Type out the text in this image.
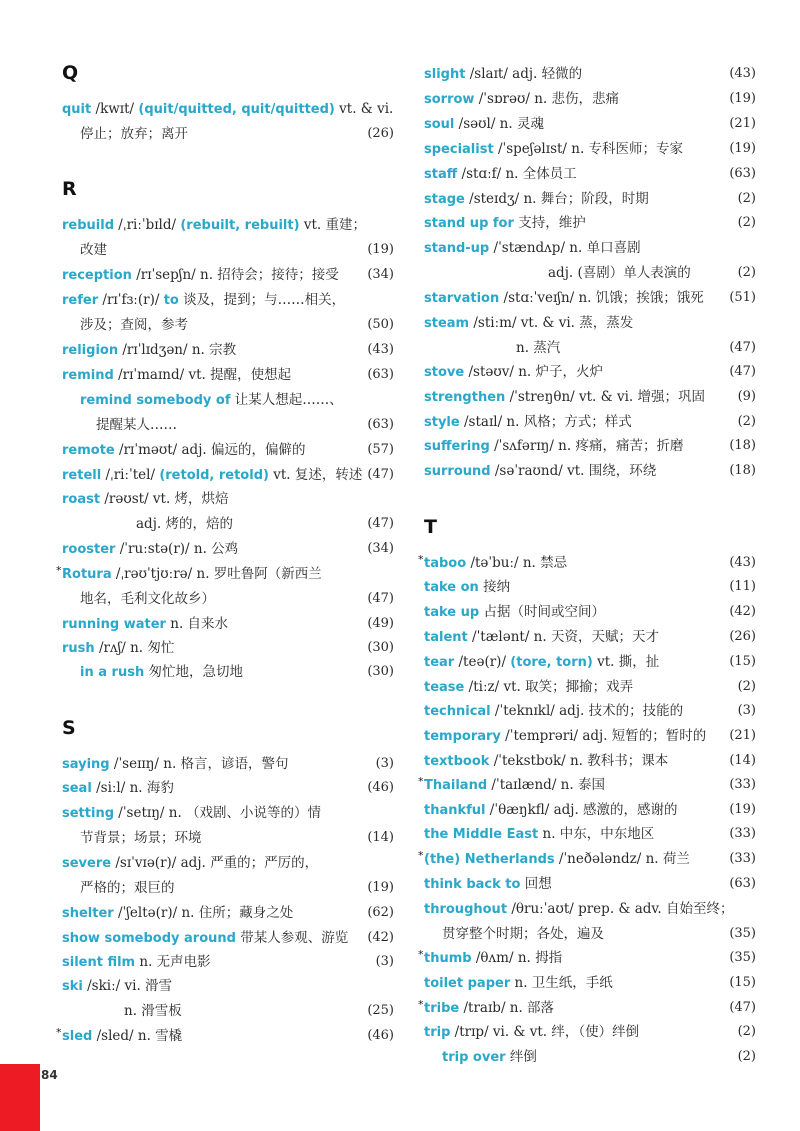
Q
quit /kwɪt/ (quit/quitted, quit/quitted) vt. & vi.
停止；放弃；离开	(26)
R
rebuild /ˌriːˈbɪld/ (rebuilt, rebuilt) vt. 重建；
改建	(19)
reception /rɪˈsepʃn/ n. 招待会；接待；接受 (34)
refer /rɪˈfɜː(r)/ to 谈及，提到；与……相关，
涉及；查阅，参考	(50)
religion /rɪˈlɪdʒən/ n. 宗教	(43)
remind /rɪˈmaɪnd/ vt. 提醒，使想起	(63)
remind somebody of 让某人想起……、
提醒某人……	(63)
remote /rɪˈməʊt/ adj. 偏远的，偏僻的	(57)
retell /ˌriːˈtel/ (retold, retold) vt. 复述，转述 (47)
roast /rəʊst/ vt. 烤，烘焙
adj. 烤的，焙的	(47)
rooster /ˈruːstə(r)/ n. 公鸡	(34)
* Rotura /ˌrəʊˈtjʊːrə/ n. 罗吐鲁阿（新西兰
地名，毛利文化故乡）	(47)
running water n. 自来水	(49)
rush /rʌʃ/ n. 匆忙	(30)
in a rush 匆忙地，急切地	(30)
S
saying /ˈseɪɪŋ/ n. 格言，谚语，警句	(3)
seal /siːl/ n. 海豹	(46)
setting /ˈsetɪŋ/ n. （戏剧、小说等的）情
节背景；场景；环境	(14)
severe /sɪˈvɪə(r)/ adj. 严重的；严厉的，
严格的；艰巨的	(19)
shelter /ˈʃeltə(r)/ n. 住所；藏身之处	(62)
show somebody around 带某人参观、游览 (42)
silent film n. 无声电影	(3)
ski /skiː/ vi. 滑雪
n. 滑雪板	(25)
* sled /sled/ n. 雪橇	(46)
slight /slaɪt/ adj. 轻微的	(43)
sorrow /ˈsɒrəʊ/ n. 悲伤，悲痛	(19)
soul /səʊl/ n. 灵魂	(21)
specialist /ˈspeʃəlɪst/ n. 专科医师；专家	(19)
staff /stɑːf/ n. 全体员工	(63)
stage /steɪdʒ/ n. 舞台；阶段，时期	(2)
stand up for 支持，维护	(2)
stand-up /ˈstændʌp/ n. 单口喜剧
adj. (喜剧）单人表演的	(2)
starvation /stɑːˈveɪʃn/ n. 饥饿；挨饿；饿死 (51)
steam /stiːm/ vt. & vi. 蒸，蒸发
n. 蒸汽	(47)
stove /stəʊv/ n. 炉子，火炉	(47)
strengthen /ˈstreŋθn/ vt. & vi. 增强；巩固	(9)
style /staɪl/ n. 风格；方式；样式	(2)
suffering /ˈsʌfərɪŋ/ n. 疼痛，痛苦；折磨	(18)
surround /səˈraʊnd/ vt. 围绕，环绕	(18)
T
* taboo /təˈbuː/ n. 禁忌	(43)
take on 接纳	(11)
take up 占据（时间或空间）	(42)
talent /ˈtælənt/ n. 天资，天赋；天才	(26)
tear /teə(r)/ (tore, torn) vt. 撕，扯	(15)
tease /tiːz/ vt. 取笑；揶揄；戏弄	(2)
technical /ˈteknɪkl/ adj. 技术的；技能的	(3)
temporary /ˈtemprəri/ adj. 短暂的；暂时的 (21)
textbook /ˈtekstbʊk/ n. 教科书；课本	(14)
* Thailand /ˈtaɪlænd/ n. 泰国	(33)
thankful /ˈθæŋkfl/ adj. 感激的，感谢的	(19)
the Middle East n. 中东，中东地区	(33)
* (the) Netherlands /ˈneðələndz/ n. 荷兰	(33)
think back to 回想	(63)
throughout /θruːˈaʊt/ prep. & adv. 自始至终；
贯穿整个时期；各处，遍及	(35)
* thumb /θʌm/ n. 拇指	(35)
toilet paper n. 卫生纸，手纸	(15)
* tribe /traɪb/ n. 部落	(47)
trip /trɪp/ vi. & vt. 绊，（使）绊倒	(2)
trip over 绊倒	(2)
84
